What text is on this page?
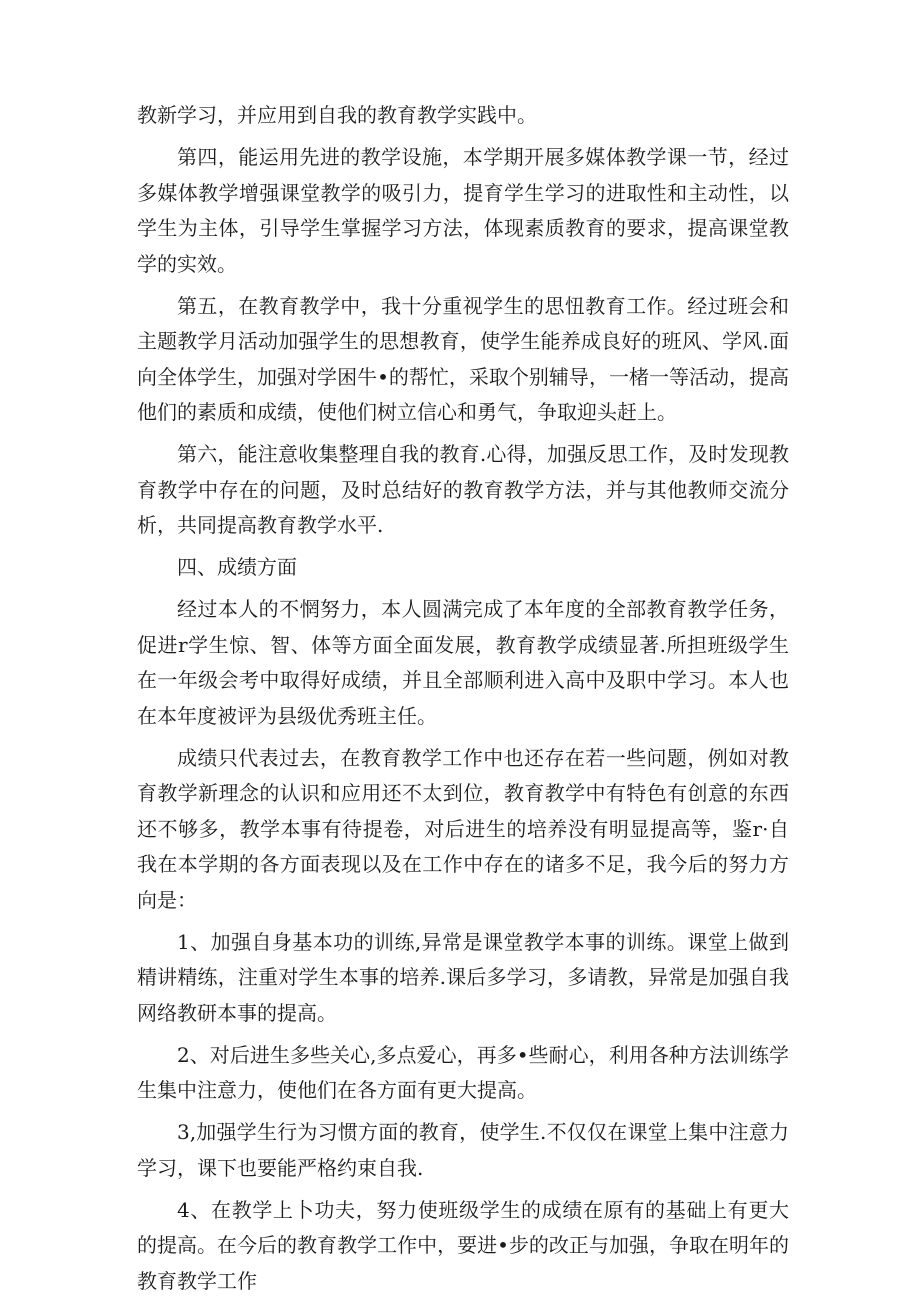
教新学习，并应用到自我的教育教学实践中。

第四，能运用先进的教学设施，本学期开展多媒体教学课一节，经过多媒体教学增强课堂教学的吸引力，提育学生学习的进取性和主动性，以学生为主体，引导学生掌握学习方法，体现素质教育的要求，提高课堂教学的实效。

第五，在教育教学中，我十分重视学生的思忸教育工作。经过班会和主题教学月活动加强学生的思想教育，使学生能养成良好的班风、学风.面向全体学生，加强对学困牛•的帮忙，采取个别辅导，一楮一等活动，提高他们的素质和成绩，使他们树立信心和勇气，争取迎头赶上。

第六，能注意收集整理自我的教育.心得，加强反思工作，及时发现教育教学中存在的问题，及时总结好的教育教学方法，并与其他教师交流分析，共同提高教育教学水平.

四、成绩方面

经过本人的不惘努力，本人圆满完成了本年度的全部教育教学任务，促进r学生惊、智、体等方面全面发展，教育教学成绩显著.所担班级学生在一年级会考中取得好成绩，并且全部顺利进入高中及职中学习。本人也在本年度被评为县级优秀班主任。

成绩只代表过去，在教育教学工作中也还存在若一些问题，例如对教育教学新理念的认识和应用还不太到位，教育教学中有特色有创意的东西还不够多，教学本事有待提卷，对后进生的培养没有明显提高等，鉴r·自我在本学期的各方面表现以及在工作中存在的诸多不足，我今后的努力方向是：

1、加强自身基本功的训练,异常是课堂教学本事的训练。课堂上做到精讲精练，注重对学生本事的培养.课后多学习，多请教，异常是加强自我网络教研本事的提高。

2、对后进生多些关心,多点爱心，再多•些耐心，利用各种方法训练学生集中注意力，使他们在各方面有更大提高。

3,加强学生行为习惯方面的教育，使学生.不仅仅在课堂上集中注意力学习，课下也要能严格约束自我.

4、在教学上卜功夫，努力使班级学生的成绩在原有的基础上有更大的提高。在今后的教育教学工作中，要进•步的改正与加强，争取在明年的教育教学工作
